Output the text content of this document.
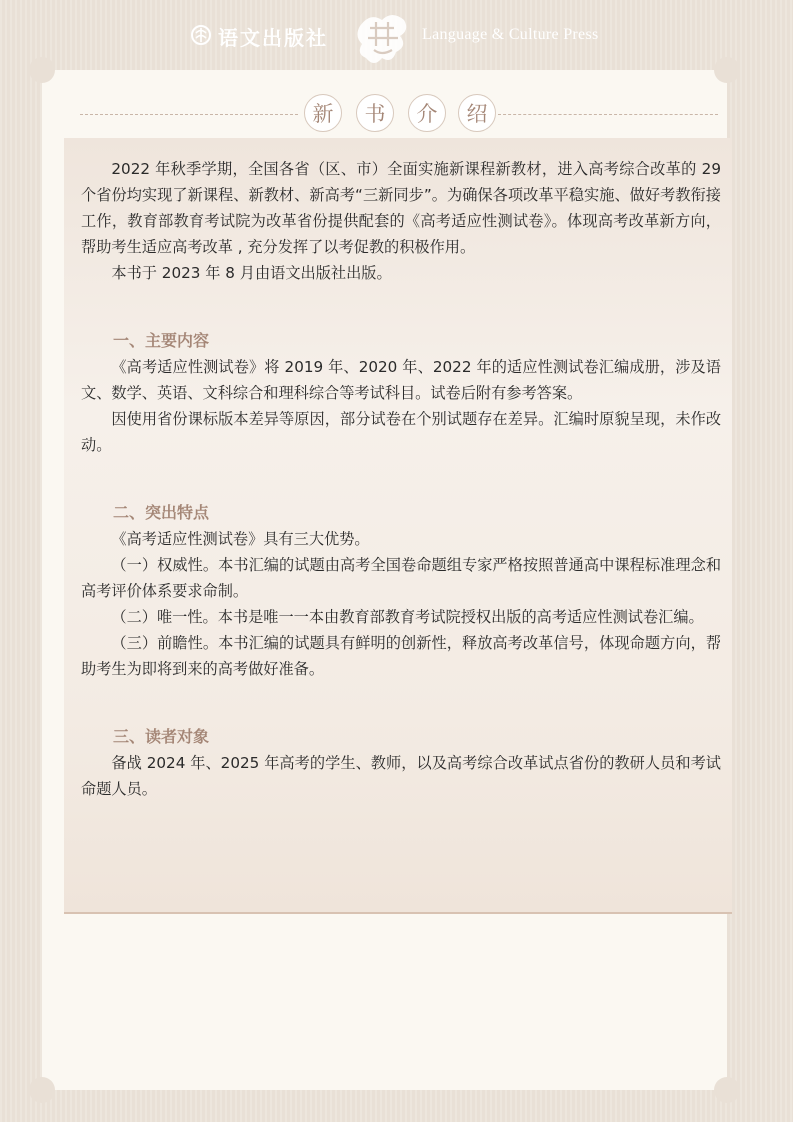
语文出版社	Language & Culture Press
新	书	介	绍

2022 年秋季学期，全国各省（区、市）全面实施新课程新教材，进入高考综合改革的 29 个省份均实现了新课程、新教材、新高考“三新同步”。为确保各项改革平稳实施、做好考教衔接工作，教育部教育考试院为改革省份提供配套的《高考适应性测试卷》。体现高考改革新方向，帮助考生适应高考改革 , 充分发挥了以考促教的积极作用。

本书于 2023 年 8 月由语文出版社出版。

一、主要内容

《高考适应性测试卷》将 2019 年、2020 年、2022 年的适应性测试卷汇编成册，涉及语文、数学、英语、文科综合和理科综合等考试科目。试卷后附有参考答案。

因使用省份课标版本差异等原因，部分试卷在个别试题存在差异。汇编时原貌呈现，未作改动。

二、突出特点

《高考适应性测试卷》具有三大优势。

（一）权威性。本书汇编的试题由高考全国卷命题组专家严格按照普通高中课程标准理念和高考评价体系要求命制。

（二）唯一性。本书是唯一一本由教育部教育考试院授权出版的高考适应性测试卷汇编。

（三）前瞻性。本书汇编的试题具有鲜明的创新性，释放高考改革信号，体现命题方向，帮助考生为即将到来的高考做好准备。

三、读者对象

备战 2024 年、2025 年高考的学生、教师，以及高考综合改革试点省份的教研人员和考试命题人员。
